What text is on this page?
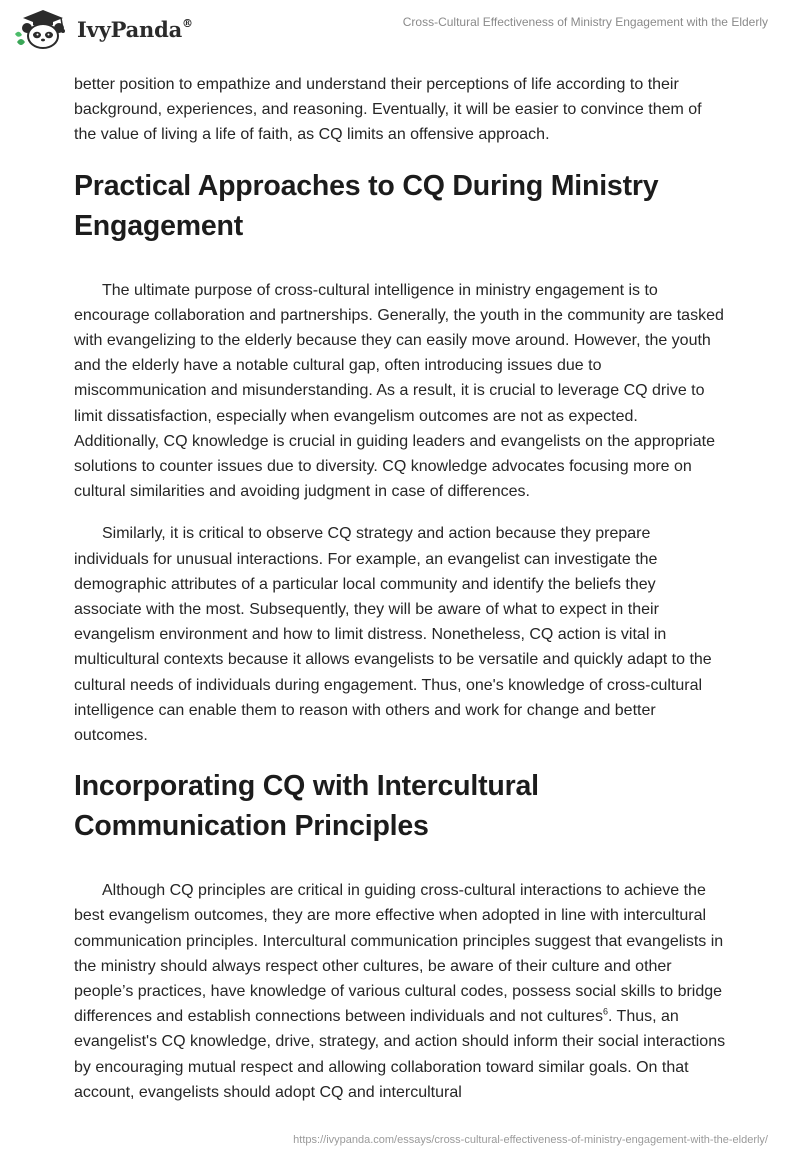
IvyPanda®	Cross-Cultural Effectiveness of Ministry Engagement with the Elderly

better position to empathize and understand their perceptions of life according to their background, experiences, and reasoning. Eventually, it will be easier to convince them of the value of living a life of faith, as CQ limits an offensive approach.

Practical Approaches to CQ During Ministry Engagement

The ultimate purpose of cross-cultural intelligence in ministry engagement is to encourage collaboration and partnerships. Generally, the youth in the community are tasked with evangelizing to the elderly because they can easily move around. However, the youth and the elderly have a notable cultural gap, often introducing issues due to miscommunication and misunderstanding. As a result, it is crucial to leverage CQ drive to limit dissatisfaction, especially when evangelism outcomes are not as expected. Additionally, CQ knowledge is crucial in guiding leaders and evangelists on the appropriate solutions to counter issues due to diversity. CQ knowledge advocates focusing more on cultural similarities and avoiding judgment in case of differences.

Similarly, it is critical to observe CQ strategy and action because they prepare individuals for unusual interactions. For example, an evangelist can investigate the demographic attributes of a particular local community and identify the beliefs they associate with the most. Subsequently, they will be aware of what to expect in their evangelism environment and how to limit distress. Nonetheless, CQ action is vital in multicultural contexts because it allows evangelists to be versatile and quickly adapt to the cultural needs of individuals during engagement. Thus, one's knowledge of cross-cultural intelligence can enable them to reason with others and work for change and better outcomes.

Incorporating CQ with Intercultural Communication Principles

Although CQ principles are critical in guiding cross-cultural interactions to achieve the best evangelism outcomes, they are more effective when adopted in line with intercultural communication principles. Intercultural communication principles suggest that evangelists in the ministry should always respect other cultures, be aware of their culture and other people’s practices, have knowledge of various cultural codes, possess social skills to bridge differences and establish connections between individuals and not cultures$^6$. Thus, an evangelist's CQ knowledge, drive, strategy, and action should inform their social interactions by encouraging mutual respect and allowing collaboration toward similar goals. On that account, evangelists should adopt CQ and intercultural

https://ivypanda.com/essays/cross-cultural-effectiveness-of-ministry-engagement-with-the-elderly/
